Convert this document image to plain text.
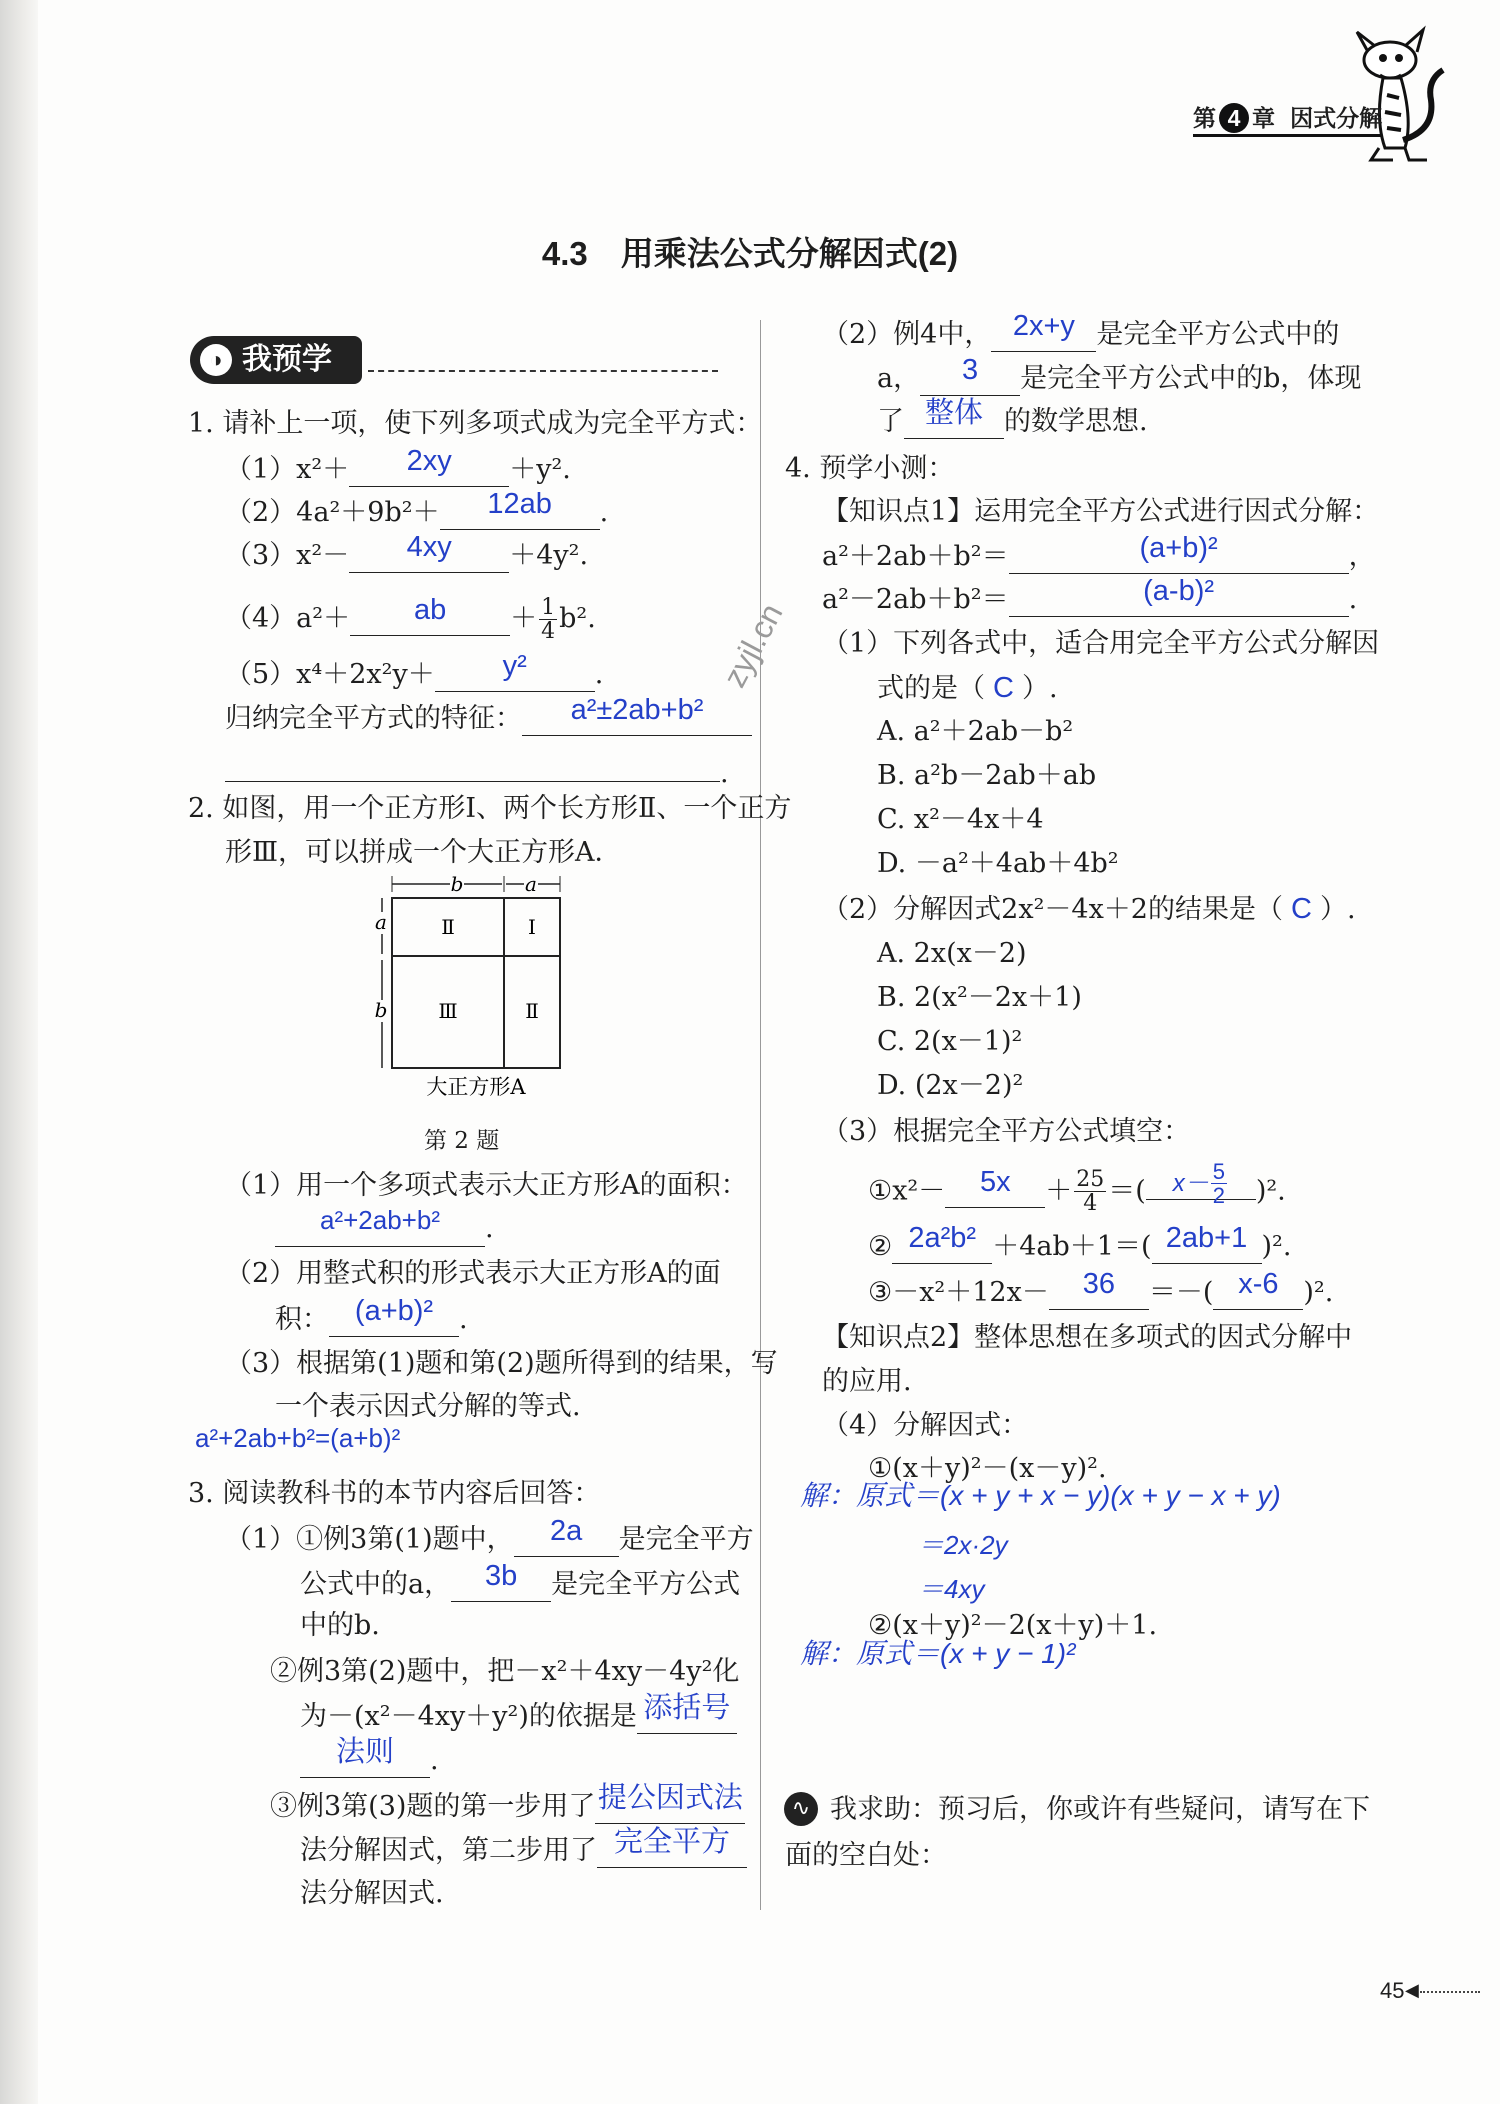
第 4 章 因式分解
4.3　用乘法公式分解因式(2)
◑ 我预学
zyjl.cn
1. 请补上一项，使下列多项式成为完全平方式：
（1）x²＋ 2xy ＋y².
（2）4a²＋9b²＋ 12ab .
（3）x²－ 4xy ＋4y².
（4）a²＋ ab ＋ $\frac{1}{4} b^2$.
（5）x⁴＋2x²y＋ y²	.
归纳完全平方式的特征： a²±2ab+b²
.
2. 如图，用一个正方形Ⅰ、两个长方形Ⅱ、一个正方
形Ⅲ，可以拼成一个大正方形A．
b	a
a
b
Ⅱ	Ⅰ
Ⅲ	Ⅱ
大正方形A
第 2 题
（1）用一个多项式表示大正方形A的面积：
a²+2ab+b² .
（2）用整式积的形式表示大正方形A的面
积： (a+b)² .
（3）根据第(1)题和第(2)题所得到的结果，写
一个表示因式分解的等式.
a²+2ab+b²=(a+b)²
3. 阅读教科书的本节内容后回答：
（1）①例3第(1)题中， 2a 是完全平方
公式中的a， 3b 是完全平方公式
中的b.
②例3第(2)题中，把－x²＋4xy－4y²化
为－(x²－4xy＋y²)的依据是 添括号
法则 .
③例3第(3)题的第一步用了提公因式法
法分解因式，第二步用了 完全平方
法分解因式.
（2）例4中， 2x+y 是完全平方公式中的
a， 3 是完全平方公式中的b，体现
了 整体 的数学思想.
4. 预学小测：
【知识点1】运用完全平方公式进行因式分解：
a²＋2ab＋b²＝	(a+b)²	，
a²－2ab＋b²＝	(a-b)²	.
（1）下列各式中，适合用完全平方公式分解因
式的是（ C ）.
A. a²＋2ab－b²
B. a²b－2ab＋ab
C. x²－4x＋4
D. －a²＋4ab＋4b²
（2）分解因式2x²－4x＋2的结果是（ C ）.
A. 2x(x－2)
B. 2(x²－2x＋1)
C. 2(x－1)²
D. (2x－2)²
（3）根据完全平方公式填空：
①x²－ $5x + \frac{25}{4}$ ＝( $x- \frac{5}{2} )^2$.
② 2a²b² ＋4ab＋1＝( 2ab+1 )².
③－x²＋12x－ 36 ＝－( x-6 )².
【知识点2】整体思想在多项式的因式分解中
的应用.
（4）分解因式：
①(x＋y)²－(x－y)².
解：原式＝(x + y + x − y)(x + y − x + y)
＝2x·2y
＝4xy
②(x＋y)²－2(x＋y)＋1.
解：原式＝(x + y − 1)²
∿ 我求助：预习后，你或许有些疑问，请写在下
面的空白处：
45 ◀
